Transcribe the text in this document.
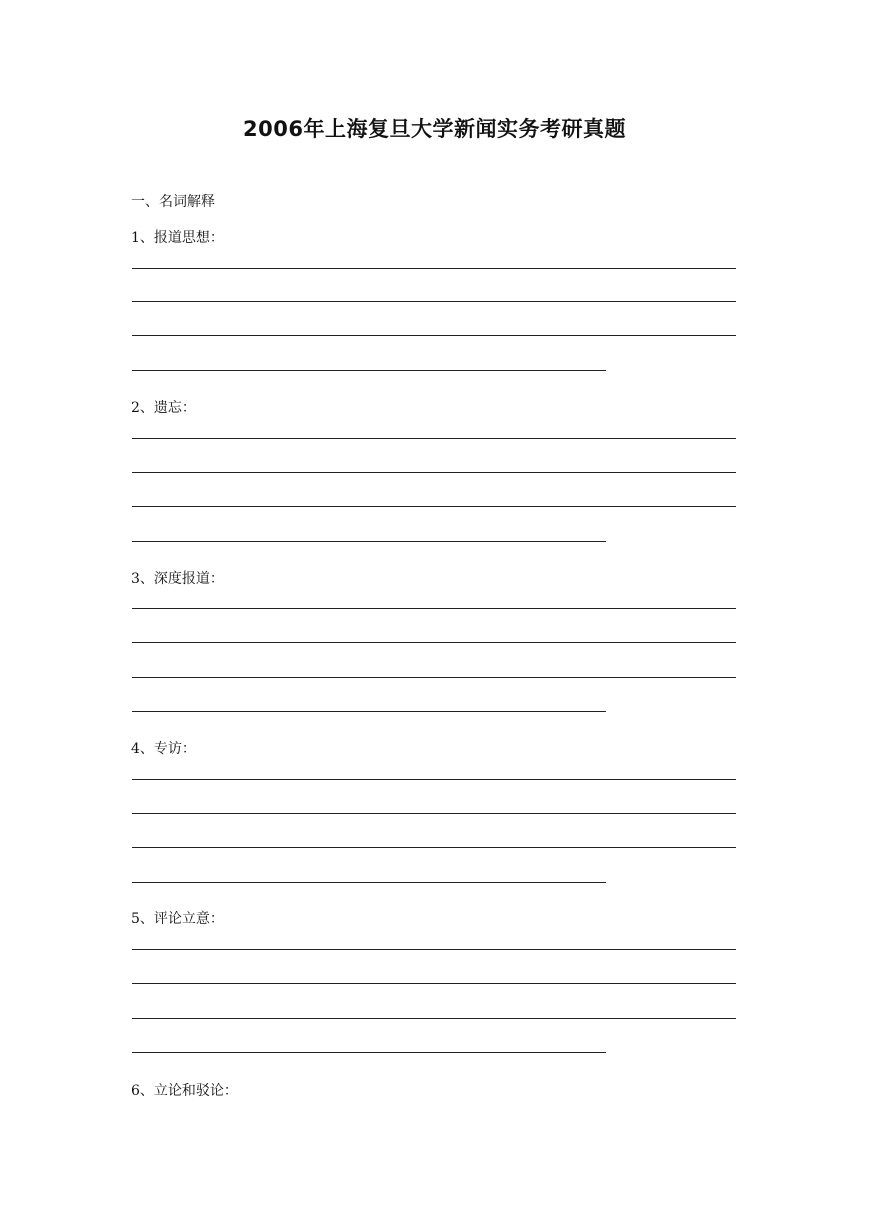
2006年上海复旦大学新闻实务考研真题
一、名词解释
1、报道思想：
2、遗忘：
3、深度报道：
4、专访：
5、评论立意：
6、立论和驳论：
